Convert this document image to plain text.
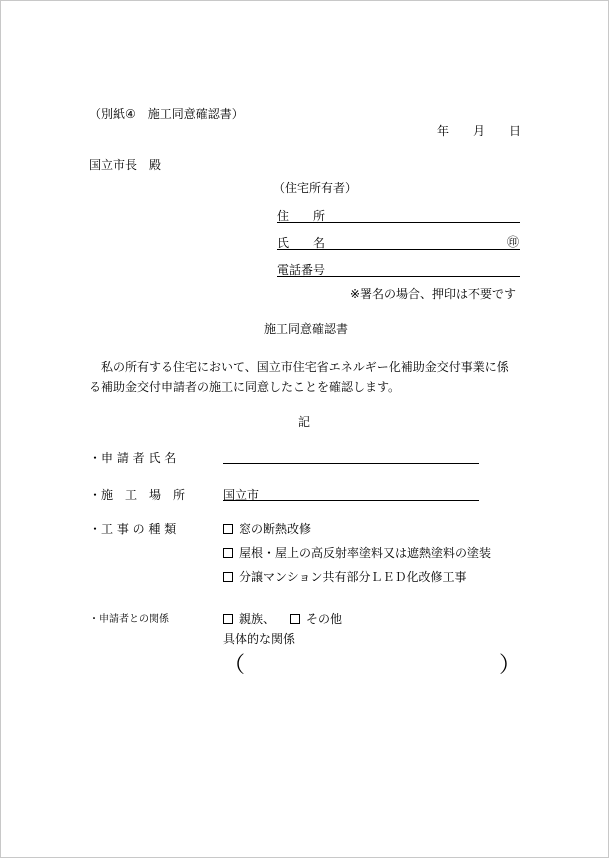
（別紙④　施工同意確認書）
年 月 日
国立市長　殿
（住宅所有者）
住　　所
氏　　名	㊞
電話番号
※署名の場合、押印は不要です
施工同意確認書
　私の所有する住宅において、国立市住宅省エネルギー化補助金交付事業に係る補助金交付申請者の施工に同意したことを確認します。
記
・申 請 者 氏 名
・施　工　場　所	国立市
・工 事 の 種 類	窓の断熱改修
屋根・屋上の高反射率塗料又は遮熱塗料の塗装
分譲マンション共有部分ＬＥＤ化改修工事
・申請者との関係	親族、	その他
具体的な関係
（	）
